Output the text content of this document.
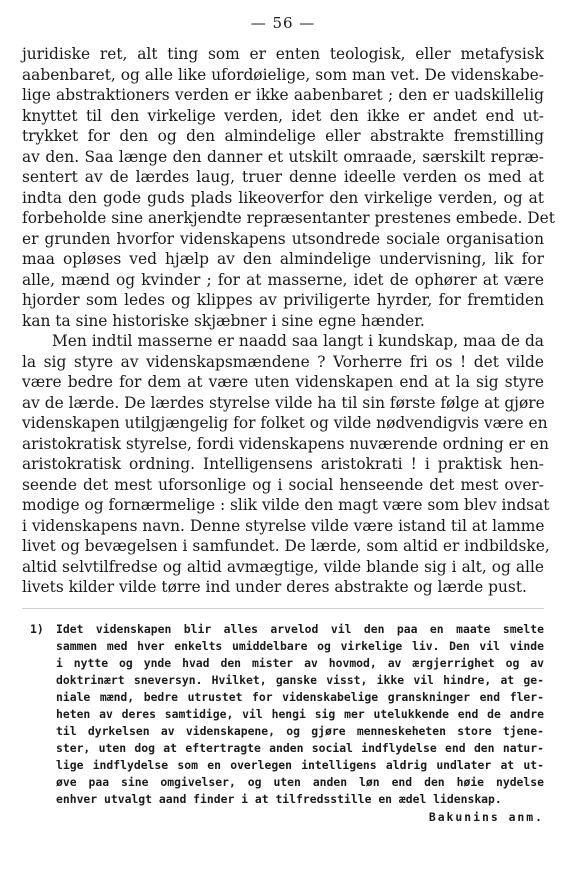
— 56 —
juridiske ret, alt ting som er enten teologisk, eller metafysisk
aabenbaret, og alle like ufordøielige, som man vet. De videnskabe-
lige abstraktioners verden er ikke aabenbaret ; den er uadskillelig
knyttet til den virkelige verden, idet den ikke er andet end ut-
trykket for den og den almindelige eller abstrakte fremstilling
av den. Saa længe den danner et utskilt omraade, særskilt repræ-
sentert av de lærdes laug, truer denne ideelle verden os med at
indta den gode guds plads likeoverfor den virkelige verden, og at
forbeholde sine anerkjendte repræsentanter prestenes embede. Det
er grunden hvorfor videnskapens utsondrede sociale organisation
maa opløses ved hjælp av den almindelige undervisning, lik for
alle, mænd og kvinder ; for at masserne, idet de ophører at være
hjorder som ledes og klippes av priviligerte hyrder, for fremtiden
kan ta sine historiske skjæbner i sine egne hænder.
Men indtil masserne er naadd saa langt i kundskap, maa de da
la sig styre av videnskapsmændene ? Vorherre fri os ! det vilde
være bedre for dem at være uten videnskapen end at la sig styre
av de lærde. De lærdes styrelse vilde ha til sin første følge at gjøre
videnskapen utilgjængelig for folket og vilde nødvendigvis være en
aristokratisk styrelse, fordi videnskapens nuværende ordning er en
aristokratisk ordning. Intelligensens aristokrati ! i praktisk hen-
seende det mest uforsonlige og i social henseende det mest over-
modige og fornærmelige : slik vilde den magt være som blev indsat
i videnskapens navn. Denne styrelse vilde være istand til at lamme
livet og bevægelsen i samfundet. De lærde, som altid er indbildske,
altid selvtilfredse og altid avmægtige, vilde blande sig i alt, og alle
livets kilder vilde tørre ind under deres abstrakte og lærde pust.
1) Idet videnskapen blir alles arvelod vil den paa en maate smelte
sammen med hver enkelts umiddelbare og virkelige liv. Den vil vinde
i nytte og ynde hvad den mister av hovmod, av ærgjerrighet og av
doktrinært sneversyn. Hvilket, ganske visst, ikke vil hindre, at ge-
niale mænd, bedre utrustet for videnskabelige granskninger end fler-
heten av deres samtidige, vil hengi sig mer utelukkende end de andre
til dyrkelsen av videnskapene, og gjøre menneskeheten store tjene-
ster, uten dog at eftertragte anden social indflydelse end den natur-
lige indflydelse som en overlegen intelligens aldrig undlater at ut-
øve paa sine omgivelser, og uten anden løn end den høie nydelse
enhver utvalgt aand finder i at tilfredsstille en ædel lidenskap.
Bakunins anm.
